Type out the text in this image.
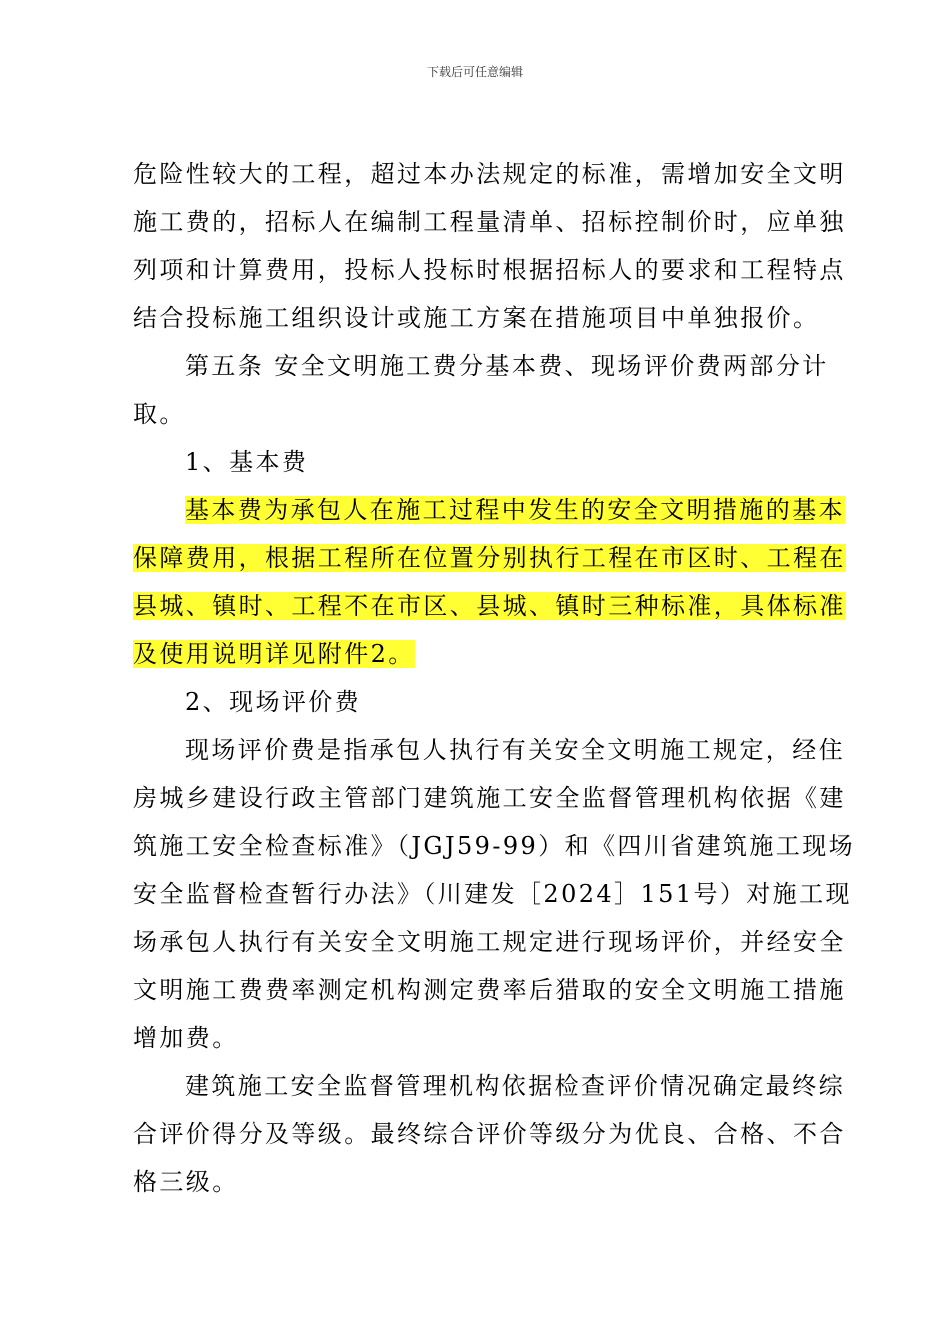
下载后可任意编辑

危险性较大的工程，超过本办法规定的标准，需增加安全文明
施工费的，招标人在编制工程量清单、招标控制价时，应单独
列项和计算费用，投标人投标时根据招标人的要求和工程特点
结合投标施工组织设计或施工方案在措施项目中单独报价。

第五条 安全文明施工费分基本费、现场评价费两部分计
取。

1、基本费

基本费为承包人在施工过程中发生的安全文明措施的基本
保障费用，根据工程所在位置分别执行工程在市区时、工程在
县城、镇时、工程不在市区、县城、镇时三种标准，具体标准
及使用说明详见附件2。

2、现场评价费

现场评价费是指承包人执行有关安全文明施工规定，经住
房城乡建设行政主管部门建筑施工安全监督管理机构依据《建
筑施工安全检查标准》（JGJ59-99）和《四川省建筑施工现场
安全监督检查暂行办法》（川建发［2024］151号）对施工现
场承包人执行有关安全文明施工规定进行现场评价，并经安全
文明施工费费率测定机构测定费率后猎取的安全文明施工措施
增加费。

建筑施工安全监督管理机构依据检查评价情况确定最终综
合评价得分及等级。最终综合评价等级分为优良、合格、不合
格三级。
